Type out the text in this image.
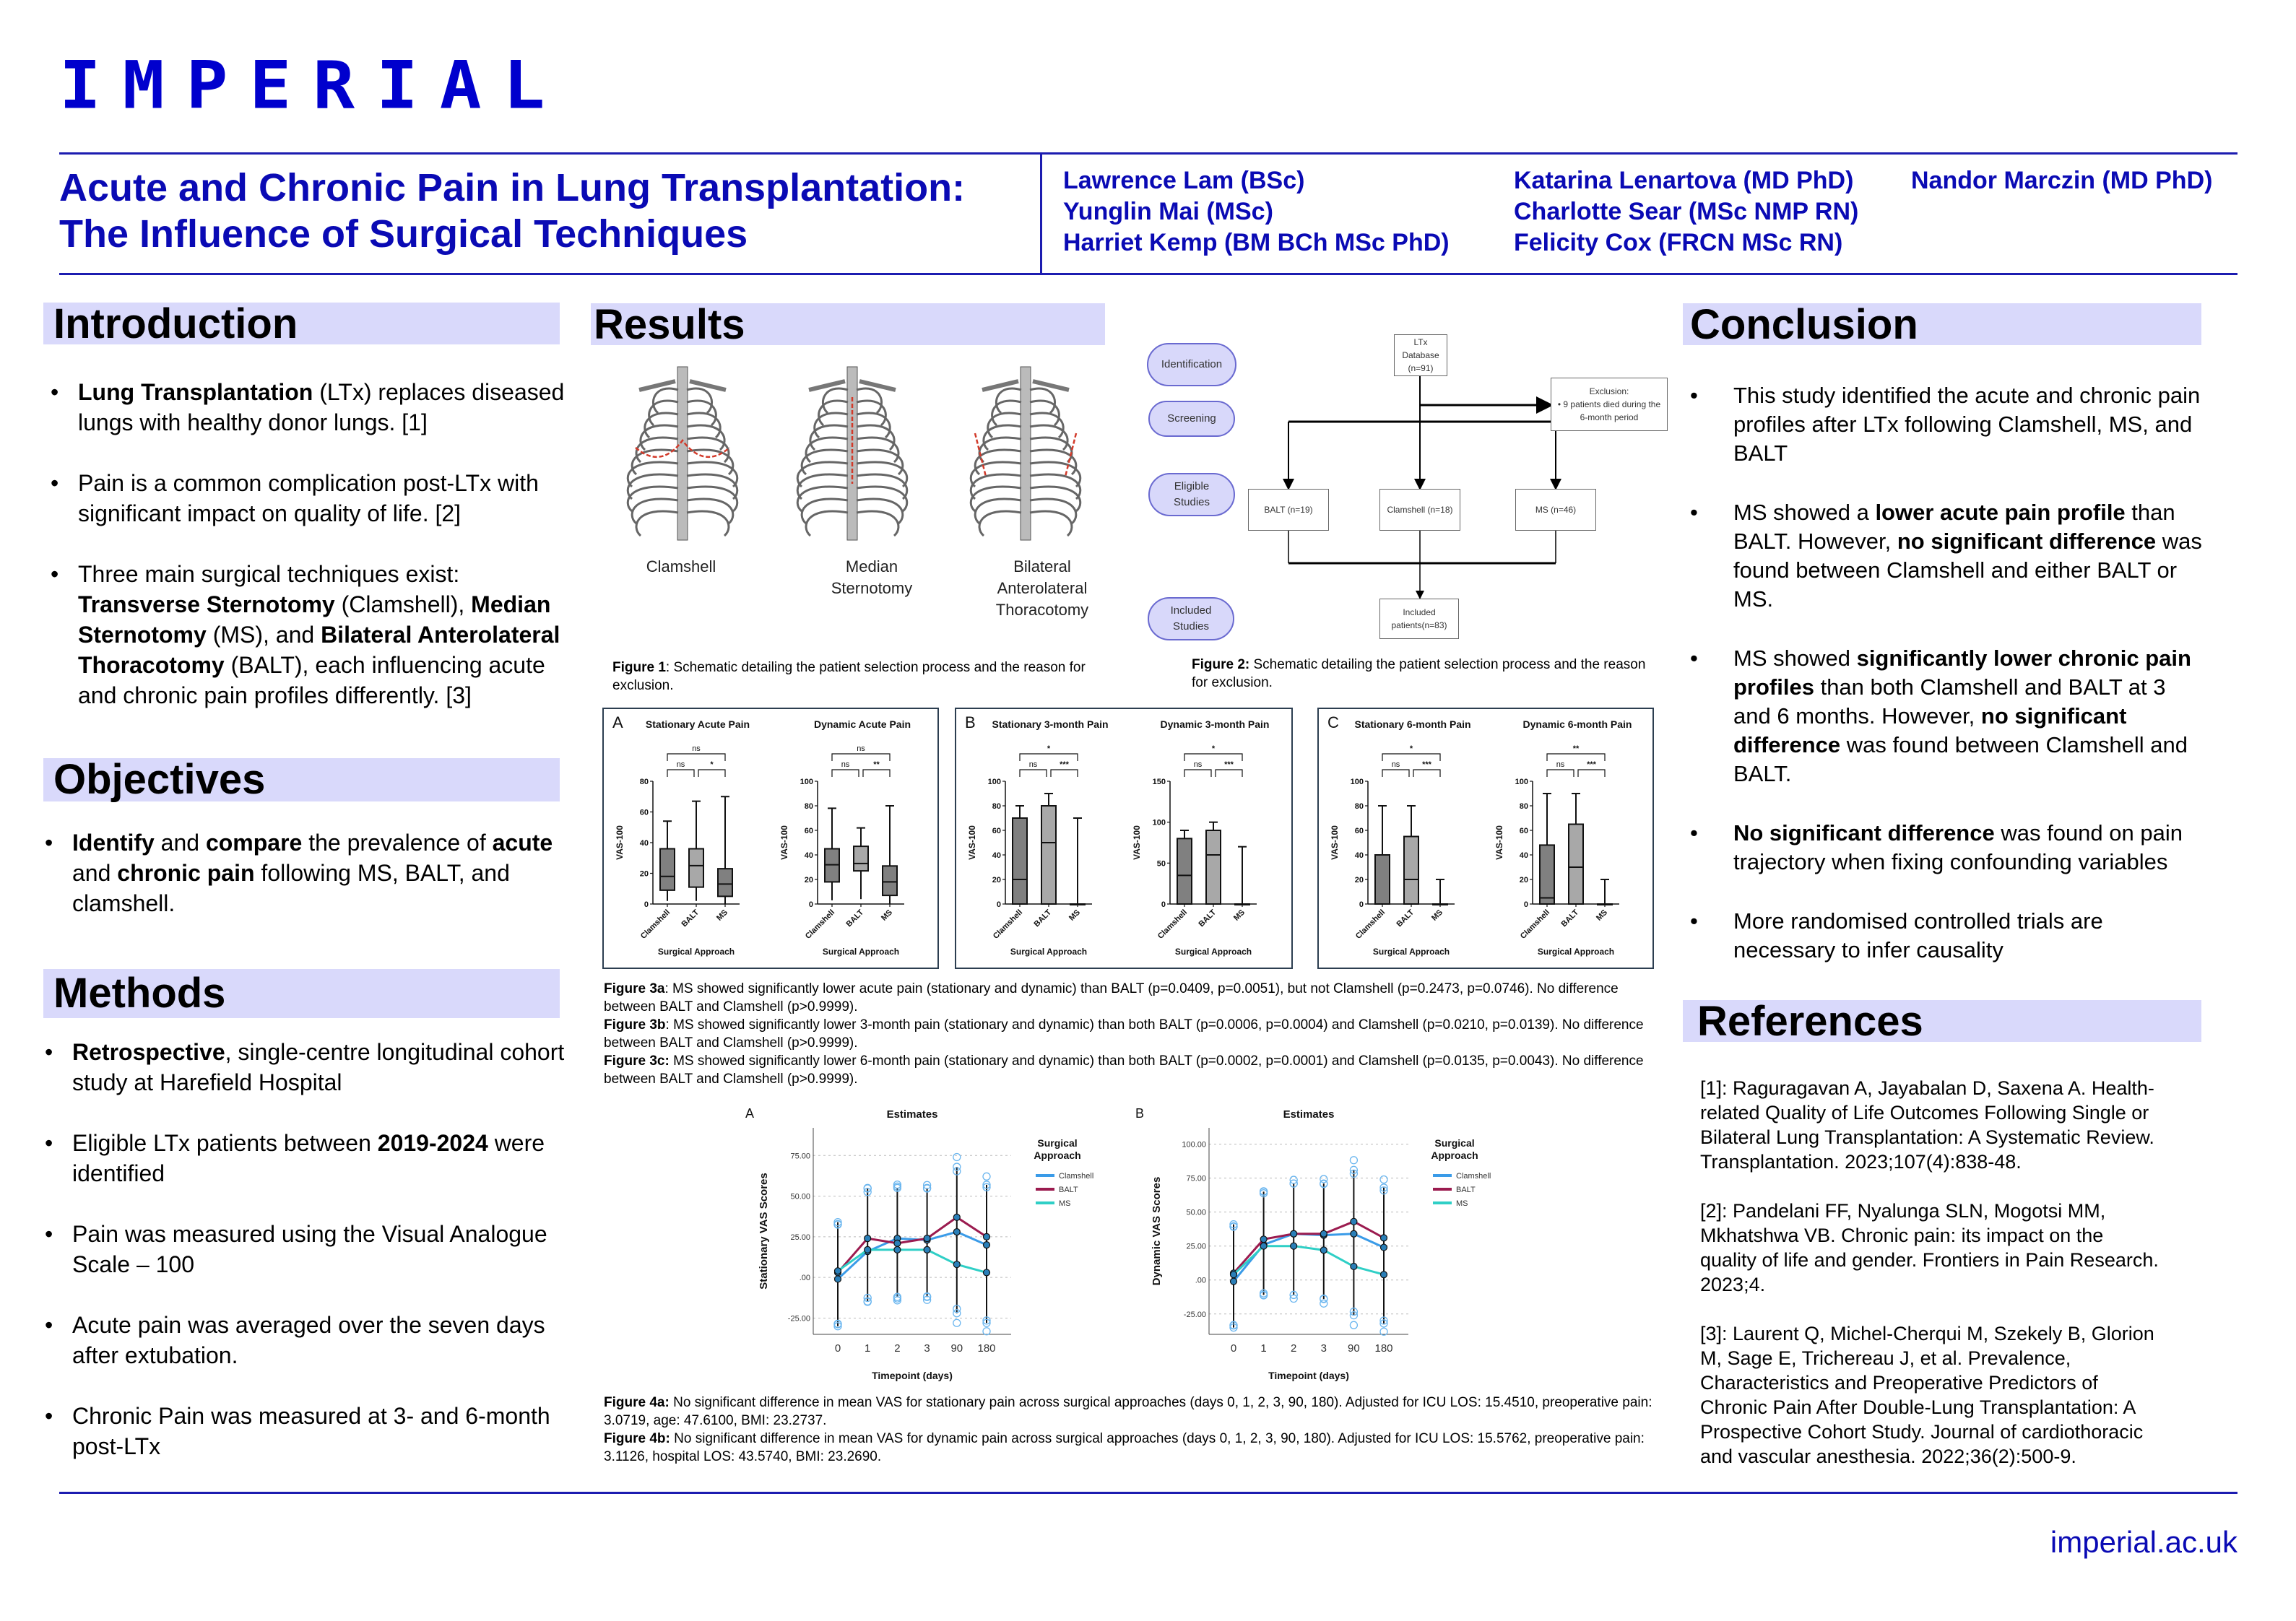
IMPERIAL
Acute and Chronic Pain in Lung Transplantation:
The Influence of Surgical Techniques
Lawrence Lam (BSc)
Yunglin Mai (MSc)
Harriet Kemp (BM BCh MSc PhD)
Katarina Lenartova (MD PhD)
Charlotte Sear (MSc NMP RN)
Felicity Cox (FRCN MSc RN)
Nandor Marczin (MD PhD)
Introduction
• Lung Transplantation (LTx) replaces diseased lungs with healthy donor lungs. [1]
• Pain is a common complication post-LTx with significant impact on quality of life. [2]
• Three main surgical techniques exist: Transverse Sternotomy (Clamshell), Median Sternotomy (MS), and Bilateral Anterolateral Thoracotomy (BALT), each influencing acute and chronic pain profiles differently. [3]
Objectives
• Identify and compare the prevalence of acute and chronic pain following MS, BALT, and clamshell.
Methods
• Retrospective, single-centre longitudinal cohort study at Harefield Hospital
• Eligible LTx patients between 2019-2024 were identified
• Pain was measured using the Visual Analogue Scale – 100
• Acute pain was averaged over the seven days after extubation.
• Chronic Pain was measured at 3- and 6-month post-LTx
Results
Clamshell	Median
Sternotomy
Bilateral
Anterolateral
Thoracotomy
Identification
Screening
Eligible
Studies
Included
Studies
LTx Database (n=91)
Exclusion:
• 9 patients died during the 6-month period
BALT (n=19)	Clamshell (n=18)	MS (n=46)
Included patients(n=83)
Figure 1: Schematic detailing the patient selection process and the reason for exclusion.
Figure 2: Schematic detailing the patient selection process and the reason for exclusion.
A Stationary Acute Pain
0
20
40
60
80
VAS-100
Clamshell BALT MS
ns	*
ns
Surgical Approach
Dynamic Acute Pain
0
20
40
60
80
100
VAS-100
Clamshell BALT MS
ns	**
ns
Surgical Approach
B Stationary 3-month Pain
0
20
40
60
80
100
VAS-100
Clamshell BALT MS
ns	***
*
Surgical Approach
Dynamic 3-month Pain
0
50
100
150
VAS-100
Clamshell BALT MS
ns	***
*
Surgical Approach
C Stationary 6-month Pain
0
20
40
60
80
100
VAS-100
Clamshell BALT MS
ns	***
*
Surgical Approach
Dynamic 6-month Pain
0
20
40
60
80
100
VAS-100
Clamshell BALT MS
ns	***
**
Surgical Approach
Figure 3a: MS showed significantly lower acute pain (stationary and dynamic) than BALT (p=0.0409, p=0.0051), but not Clamshell (p=0.2473, p=0.0746). No difference between BALT and Clamshell (p>0.9999).
Figure 3b: MS showed significantly lower 3-month pain (stationary and dynamic) than both BALT (p=0.0006, p=0.0004) and Clamshell (p=0.0210, p=0.0139). No difference between BALT and Clamshell (p>0.9999).
Figure 3c: MS showed significantly lower 6-month pain (stationary and dynamic) than both BALT (p=0.0002, p=0.0001) and Clamshell (p=0.0135, p=0.0043). No difference between BALT and Clamshell (p>0.9999).
A	Estimates
-25.00
.00
25.00
50.00
75.00
0 1 2 3 90 180
Timepoint (days)
Stationary VAS Scores
Surgical
Approach
Clamshell
BALT
MS
B	Estimates
-25.00
.00
25.00
50.00
75.00
100.00
0 1 2 3 90 180
Timepoint (days)
Dynamic VAS Scores
Surgical
Approach
Clamshell
BALT
MS
Figure 4a: No significant difference in mean VAS for stationary pain across surgical approaches (days 0, 1, 2, 3, 90, 180). Adjusted for ICU LOS: 15.4510, preoperative pain: 3.0719, age: 47.6100, BMI: 23.2737.
Figure 4b: No significant difference in mean VAS for dynamic pain across surgical approaches (days 0, 1, 2, 3, 90, 180). Adjusted for ICU LOS: 15.5762, preoperative pain: 3.1126, hospital LOS: 43.5740, BMI: 23.2690.
Conclusion
• This study identified the acute and chronic pain profiles after LTx following Clamshell, MS, and BALT
• MS showed a lower acute pain profile than BALT. However, no significant difference was found between Clamshell and either BALT or MS.
• MS showed significantly lower chronic pain profiles than both Clamshell and BALT at 3 and 6 months. However, no significant difference was found between Clamshell and BALT.
• No significant difference was found on pain trajectory when fixing confounding variables
• More randomised controlled trials are necessary to infer causality
References

[1]: Raguragavan A, Jayabalan D, Saxena A. Health-related Quality of Life Outcomes Following Single or Bilateral Lung Transplantation: A Systematic Review. Transplantation. 2023;107(4):838-48.

[2]: Pandelani FF, Nyalunga SLN, Mogotsi MM, Mkhatshwa VB. Chronic pain: its impact on the quality of life and gender. Frontiers in Pain Research. 2023;4.

[3]: Laurent Q, Michel-Cherqui M, Szekely B, Glorion M, Sage E, Trichereau J, et al. Prevalence, Characteristics and Preoperative Predictors of Chronic Pain After Double-Lung Transplantation: A Prospective Cohort Study. Journal of cardiothoracic and vascular anesthesia. 2022;36(2):500-9.

imperial.ac.uk
